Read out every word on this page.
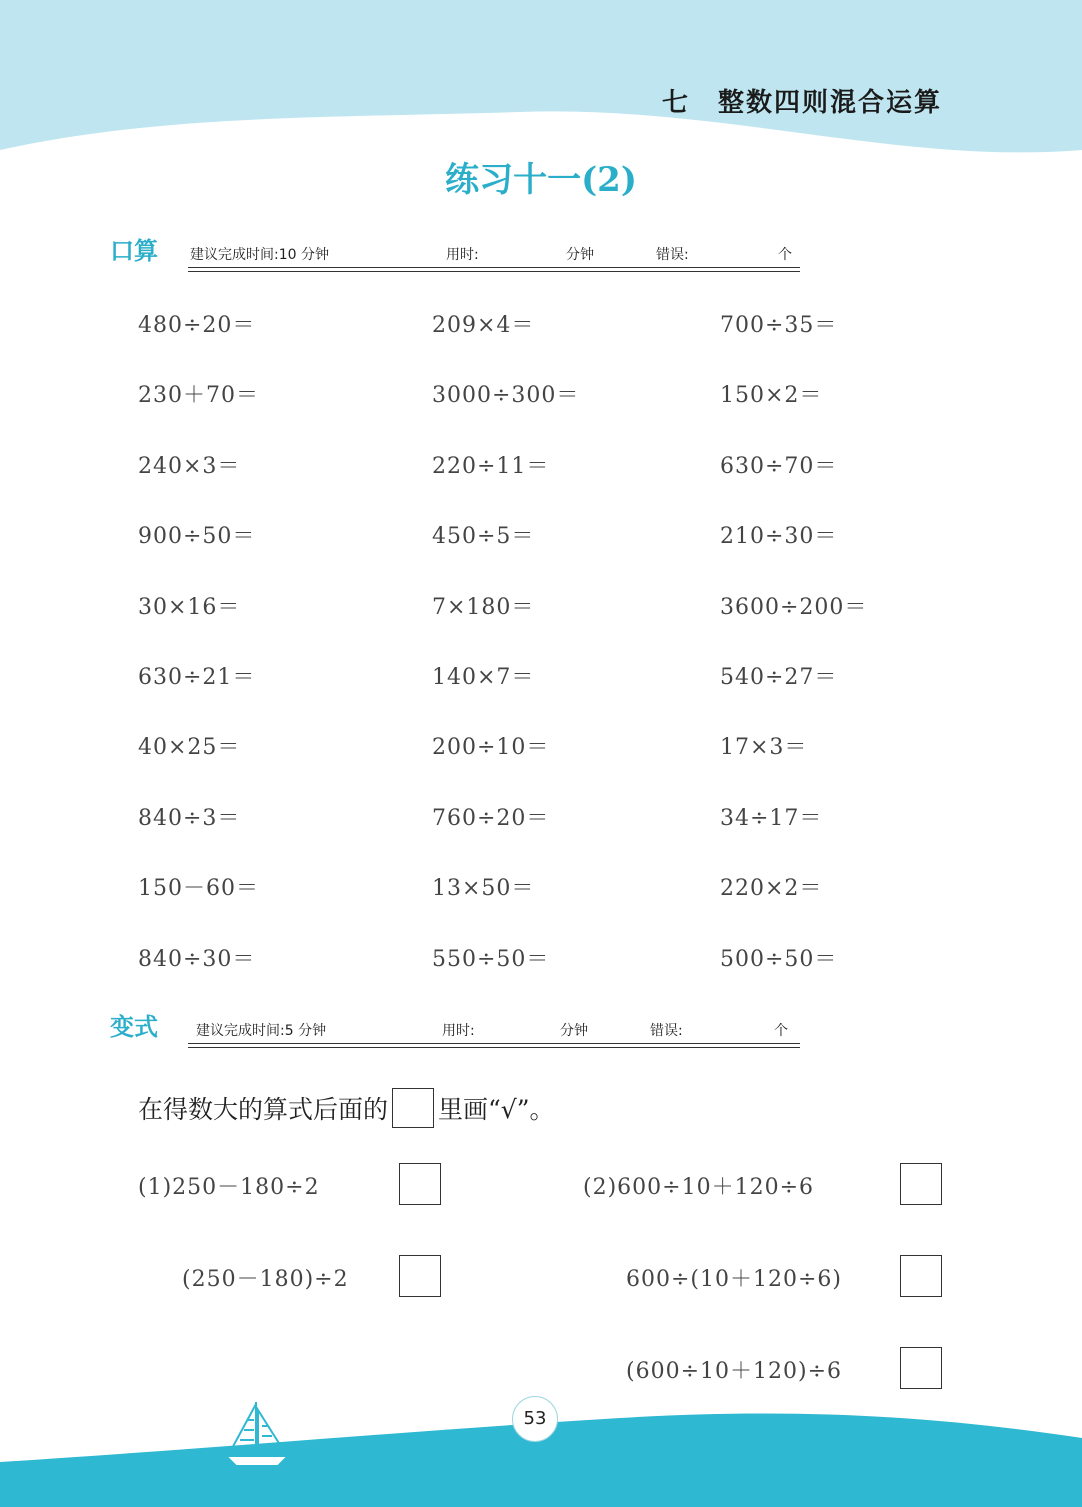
七　整数四则混合运算
练习十一(2)
口算 建议完成时间:10 分钟	用时:	分钟	错误:	个
480÷20＝	209×4＝	700÷35＝
230＋70＝	3000÷300＝	150×2＝
240×3＝	220÷11＝	630÷70＝
900÷50＝	450÷5＝	210÷30＝
30×16＝	7×180＝	3600÷200＝
630÷21＝	140×7＝	540÷27＝
40×25＝	200÷10＝	17×3＝
840÷3＝	760÷20＝	34÷17＝
150－60＝	13×50＝	220×2＝
840÷30＝	550÷50＝	500÷50＝
变式	建议完成时间:5 分钟	用时:	分钟	错误:	个
在得数大的算式后面的 里画“√”。
(1)250－180÷2
(250－180)÷2
(2)600÷10＋120÷6
600÷(10＋120÷6)
(600÷10＋120)÷6
53
